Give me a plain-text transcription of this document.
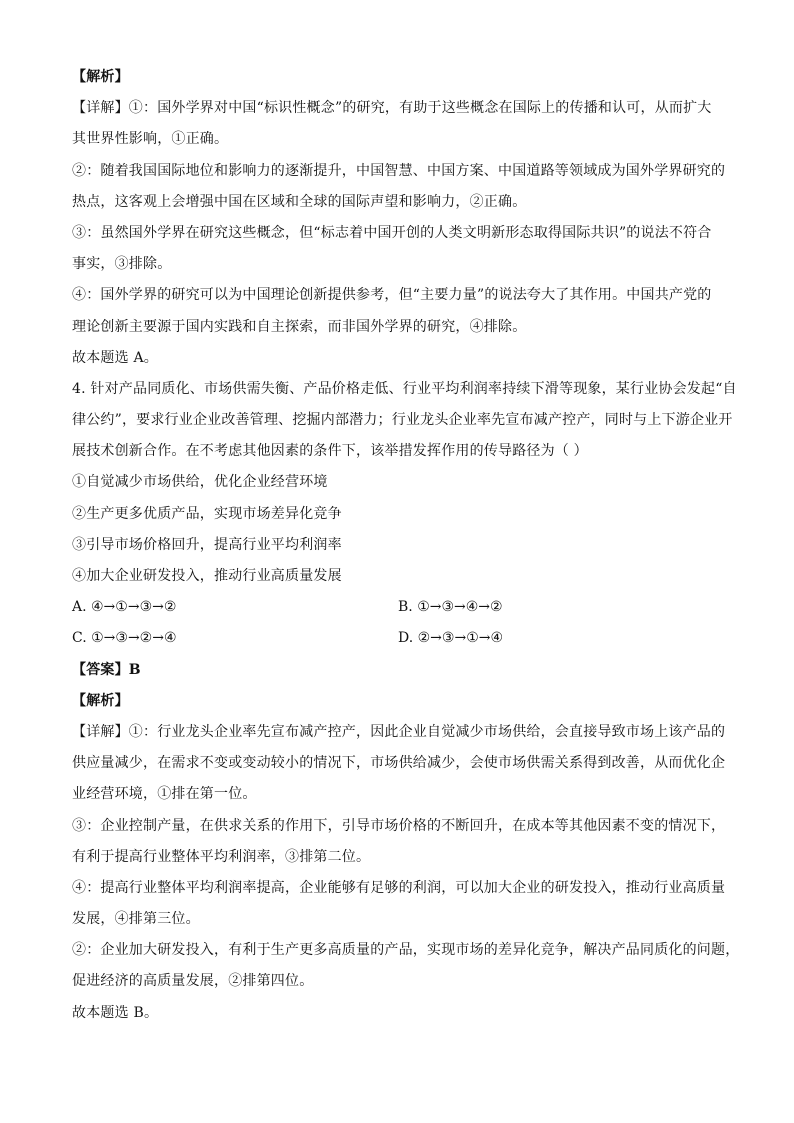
【解析】
【详解】①：国外学界对中国“标识性概念”的研究，有助于这些概念在国际上的传播和认可，从而扩大
其世界性影响，①正确。
②：随着我国国际地位和影响力的逐渐提升，中国智慧、中国方案、中国道路等领域成为国外学界研究的
热点，这客观上会增强中国在区域和全球的国际声望和影响力，②正确。
③：虽然国外学界在研究这些概念，但“标志着中国开创的人类文明新形态取得国际共识”的说法不符合
事实，③排除。
④：国外学界的研究可以为中国理论创新提供参考，但“主要力量”的说法夸大了其作用。中国共产党的
理论创新主要源于国内实践和自主探索，而非国外学界的研究，④排除。
故本题选 A。
4. 针对产品同质化、市场供需失衡、产品价格走低、行业平均利润率持续下滑等现象，某行业协会发起“自
律公约”，要求行业企业改善管理、挖掘内部潜力；行业龙头企业率先宣布减产控产，同时与上下游企业开
展技术创新合作。在不考虑其他因素的条件下，该举措发挥作用的传导路径为（ ）
①自觉减少市场供给，优化企业经营环境
②生产更多优质产品，实现市场差异化竞争
③引导市场价格回升，提高行业平均利润率
④加大企业研发投入，推动行业高质量发展
A. ④→①→③→②	B. ①→③→④→②
C. ①→③→②→④	D. ②→③→①→④
【答案】B
【解析】
【详解】①：行业龙头企业率先宣布减产控产，因此企业自觉减少市场供给，会直接导致市场上该产品的
供应量减少，在需求不变或变动较小的情况下，市场供给减少，会使市场供需关系得到改善，从而优化企
业经营环境，①排在第一位。
③：企业控制产量，在供求关系的作用下，引导市场价格的不断回升，在成本等其他因素不变的情况下，
有利于提高行业整体平均利润率，③排第二位。
④：提高行业整体平均利润率提高，企业能够有足够的利润，可以加大企业的研发投入，推动行业高质量
发展，④排第三位。
②：企业加大研发投入，有利于生产更多高质量的产品，实现市场的差异化竞争，解决产品同质化的问题，
促进经济的高质量发展，②排第四位。
故本题选 B。
